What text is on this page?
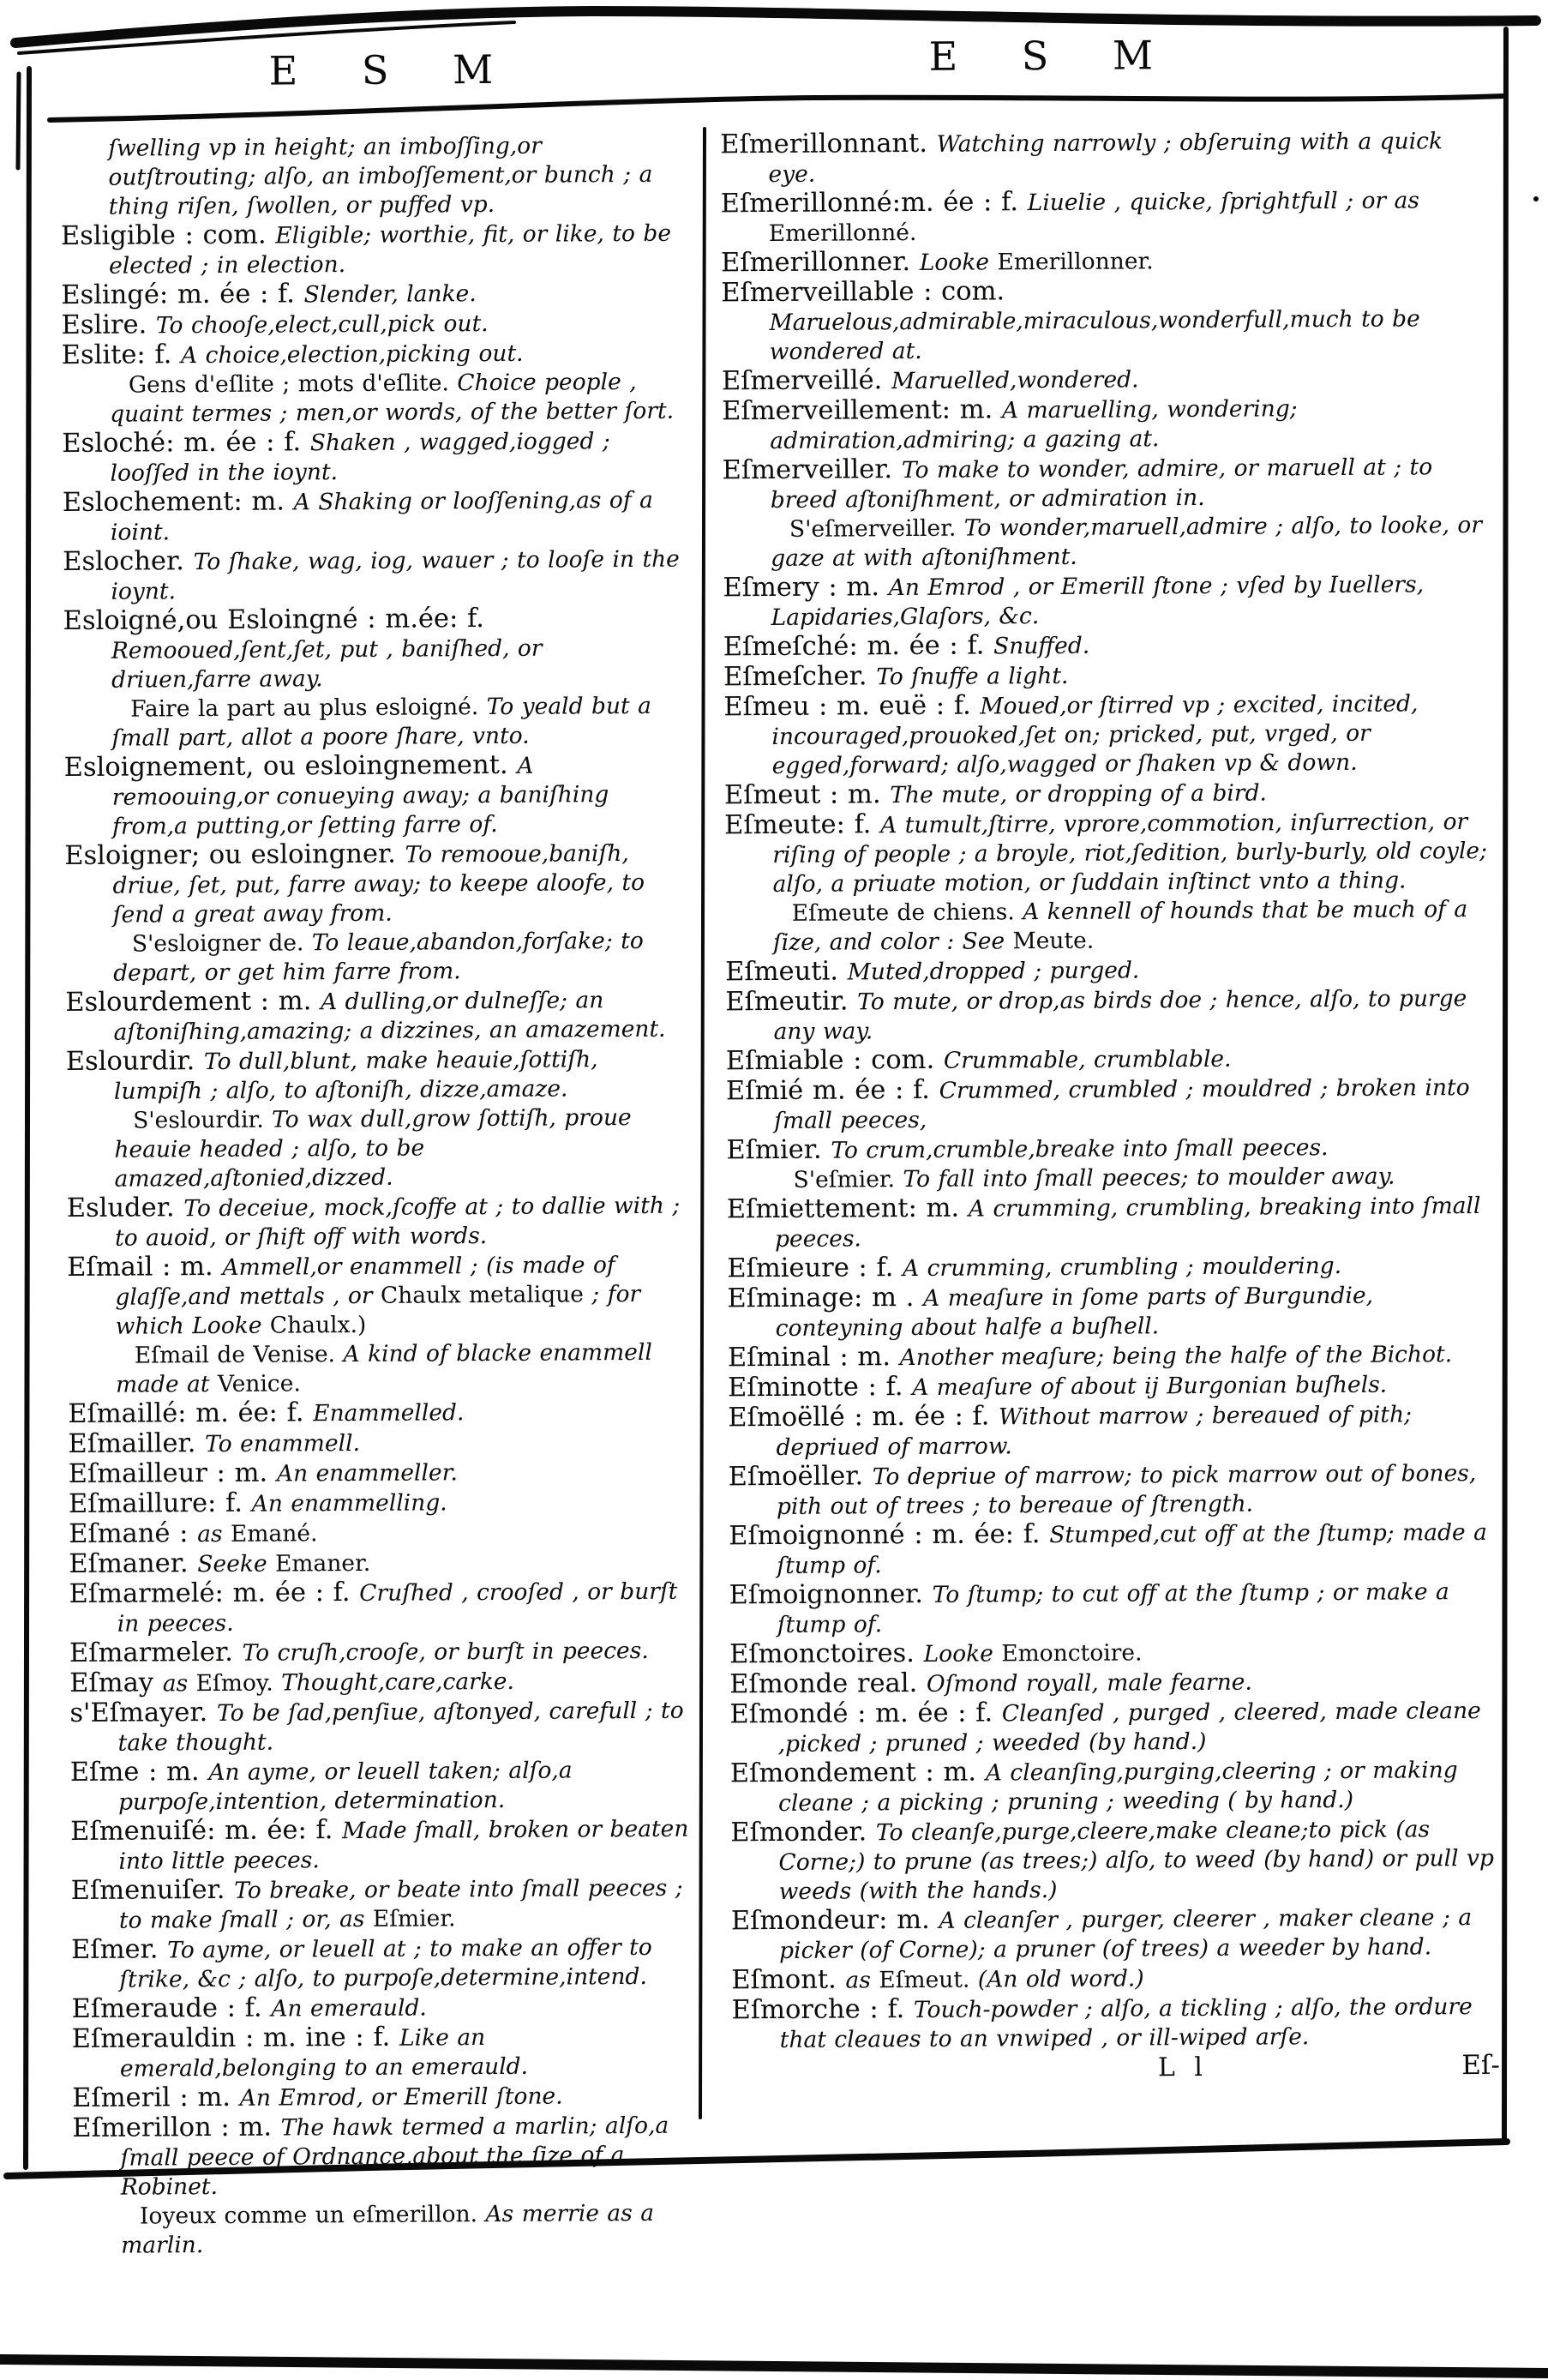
E S M	E S M

ſwelling vp in height; an imboſſing,or outſtrouting; alſo, an imboſſement,or bunch ; a thing riſen, ſwollen, or puffed vp.

Esligible : com. Eligible; worthie, fit, or like, to be elected ; in election.

Eslingé: m. ée : f. Slender, lanke.

Eslire. To chooſe,elect,cull,pick out.

Eslite: f. A choice,election,picking out.

Gens d'eſlite ; mots d'eſlite. Choice people , quaint termes ; men,or words, of the better ſort.

Esloché: m. ée : f. Shaken , wagged,iogged ; looſſed in the ioynt.

Eslochement: m. A Shaking or looſſening,as of a ioint.

Eslocher. To ſhake, wag, iog, wauer ; to looſe in the ioynt.

Esloigné,ou Esloingné : m.ée: f. Remooued,ſent,ſet, put , baniſhed, or driuen,farre away.

Faire la part au plus esloigné. To yeald but a ſmall part, allot a poore ſhare, vnto.

Esloignement, ou esloingnement. A remoouing,or conueying away; a baniſhing from,a putting,or ſetting farre of.

Esloigner; ou esloingner. To remooue,baniſh, driue, ſet, put, farre away; to keepe aloofe, to ſend a great away from.

S'esloigner de. To leaue,abandon,forſake; to depart, or get him farre from.

Eslourdement : m. A dulling,or dulneſſe; an aſtoniſhing,amazing; a dizzines, an amazement.

Eslourdir. To dull,blunt, make heauie,ſottiſh, lumpiſh ; alſo, to aſtoniſh, dizze,amaze.

S'eslourdir. To wax dull,grow ſottiſh, proue heauie headed ; alſo, to be amazed,aſtonied,dizzed.

Esluder. To deceiue, mock,ſcoffe at ; to dallie with ; to auoid, or ſhift off with words.

Eſmail : m. Ammell,or enammell ; (is made of glaſſe,and mettals , or Chaulx metalique ; for which Looke Chaulx.)

Eſmail de Venise. A kind of blacke enammell made at Venice.

Eſmaillé: m. ée: f. Enammelled.

Eſmailler. To enammell.

Eſmailleur : m. An enammeller.

Eſmaillure: f. An enammelling.

Eſmané : as Emané.

Eſmaner. Seeke Emaner.

Eſmarmelé: m. ée : f. Cruſhed , crooſed , or burſt in peeces.

Eſmarmeler. To cruſh,crooſe, or burſt in peeces.

Eſmay as Eſmoy. Thought,care,carke.

s'Eſmayer. To be ſad,penſiue, aſtonyed, carefull ; to take thought.

Eſme : m. An ayme, or leuell taken; alſo,a purpoſe,intention, determination.

Eſmenuiſé: m. ée: f. Made ſmall, broken or beaten into little peeces.

Eſmenuiſer. To breake, or beate into ſmall peeces ; to make ſmall ; or, as Eſmier.

Eſmer. To ayme, or leuell at ; to make an offer to ſtrike, &c ; alſo, to purpoſe,determine,intend.

Eſmeraude : f. An emerauld.

Eſmerauldin : m. ine : f. Like an emerald,belonging to an emerauld.

Eſmeril : m. An Emrod, or Emerill ſtone.

Eſmerillon : m. The hawk termed a marlin; alſo,a ſmall peece of Ordnance,about the ſize of a Robinet.

Ioyeux comme un eſmerillon. As merrie as a marlin.

Eſmerillonnant. Watching narrowly ; obſeruing with a quick eye.

Eſmerillonné:m. ée : f. Liuelie , quicke, ſprightfull ; or as Emerillonné.

Eſmerillonner. Looke Emerillonner.

Eſmerveillable : com. Maruelous,admirable,miraculous,wonderfull,much to be wondered at.

Eſmerveillé. Maruelled,wondered.

Eſmerveillement: m. A maruelling, wondering; admiration,admiring; a gazing at.

Eſmerveiller. To make to wonder, admire, or maruell at ; to breed aſtoniſhment, or admiration in.

S'eſmerveiller. To wonder,maruell,admire ; alſo, to looke, or gaze at with aſtoniſhment.

Eſmery : m. An Emrod , or Emerill ſtone ; vſed by Iuellers, Lapidaries,Glaſors, &c.

Eſmeſché: m. ée : f. Snuffed.

Eſmeſcher. To ſnuffe a light.

Eſmeu : m. euë : f. Moued,or ſtirred vp ; excited, incited, incouraged,prouoked,ſet on; pricked, put, vrged, or egged,forward; alſo,wagged or ſhaken vp & down.

Eſmeut : m. The mute, or dropping of a bird.

Eſmeute: f. A tumult,ſtirre, vprore,commotion, inſurrection, or riſing of people ; a broyle, riot,ſedition, burly-burly, old coyle; alſo, a priuate motion, or ſuddain inſtinct vnto a thing.

Eſmeute de chiens. A kennell of hounds that be much of a ſize, and color : See Meute.

Eſmeuti. Muted,dropped ; purged.

Eſmeutir. To mute, or drop,as birds doe ; hence, alſo, to purge any way.

Eſmiable : com. Crummable, crumblable.

Eſmié m. ée : f. Crummed, crumbled ; mouldred ; broken into ſmall peeces,

Eſmier. To crum,crumble,breake into ſmall peeces.

S'eſmier. To fall into ſmall peeces; to moulder away.

Eſmiettement: m. A crumming, crumbling, breaking into ſmall peeces.

Eſmieure : f. A crumming, crumbling ; mouldering.

Eſminage: m . A meaſure in ſome parts of Burgundie, conteyning about halfe a buſhell.

Eſminal : m. Another meaſure; being the halfe of the Bichot.

Eſminotte : f. A meaſure of about ij Burgonian buſhels.

Eſmoëllé : m. ée : f. Without marrow ; bereaued of pith; depriued of marrow.

Eſmoëller. To depriue of marrow; to pick marrow out of bones, pith out of trees ; to bereaue of ſtrength.

Eſmoignonné : m. ée: f. Stumped,cut off at the ſtump; made a ſtump of.

Eſmoignonner. To ſtump; to cut off at the ſtump ; or make a ſtump of.

Eſmonctoires. Looke Emonctoire.

Eſmonde real. Oſmond royall, male fearne.

Eſmondé : m. ée : f. Cleanſed , purged , cleered, made cleane ,picked ; pruned ; weeded (by hand.)

Eſmondement : m. A cleanſing,purging,cleering ; or making cleane ; a picking ; pruning ; weeding ( by hand.)

Eſmonder. To cleanſe,purge,cleere,make cleane;to pick (as Corne;) to prune (as trees;) alſo, to weed (by hand) or pull vp weeds (with the hands.)

Eſmondeur: m. A cleanſer , purger, cleerer , maker cleane ; a picker (of Corne); a pruner (of trees) a weeder by hand.

Eſmont. as Eſmeut. (An old word.)

Eſmorche : f. Touch-powder ; alſo, a tickling ; alſo, the ordure that cleaues to an vnwiped , or ill-wiped arſe.

L l	Eſ-
